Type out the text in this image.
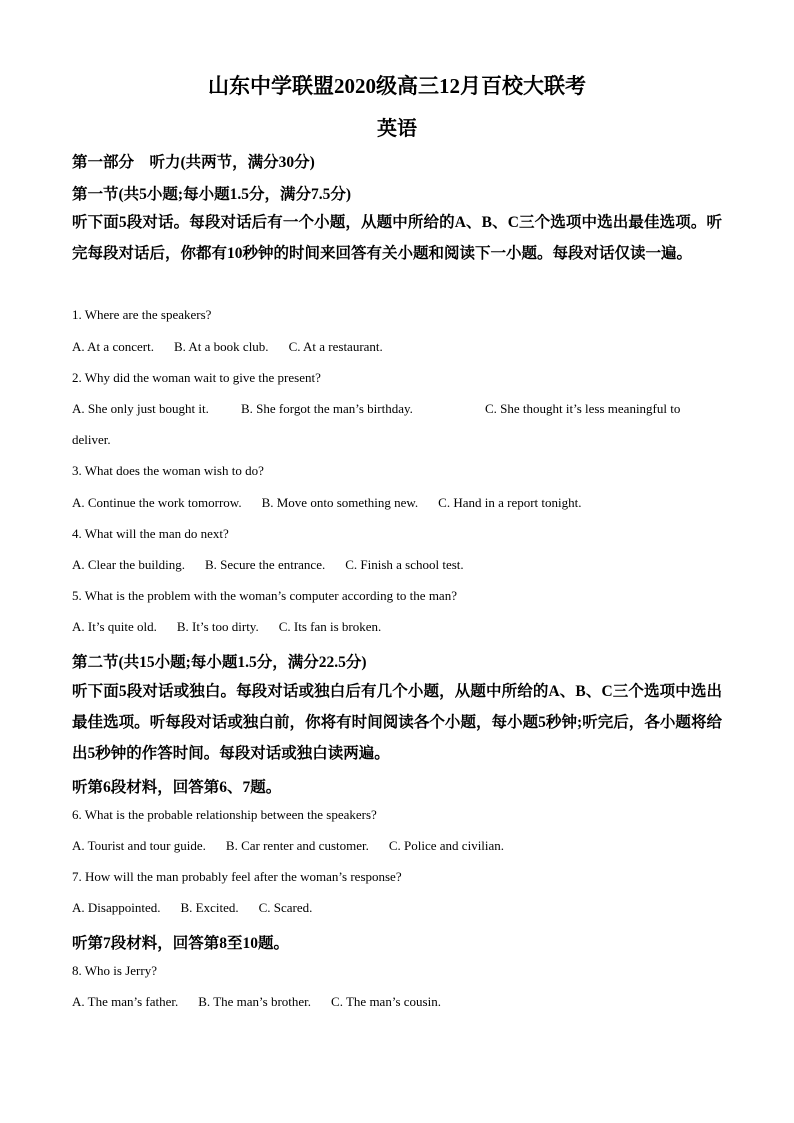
山东中学联盟2020级高三12月百校大联考
英语
第一部分　听力(共两节，满分30分)
第一节(共5小题;每小题1.5分，满分7.5分)
听下面5段对话。每段对话后有一个小题，从题中所给的A、B、C三个选项中选出最佳选项。听完每段对话后，你都有10秒钟的时间来回答有关小题和阅读下一小题。每段对话仅读一遍。
1. Where are the speakers?
A. At a concert. B. At a book club. C. At a restaurant.
2. Why did the woman wait to give the present?
A. She only just bought it. B. She forgot the man’s birthday.	C. She thought it’s less meaningful to
deliver.
3. What does the woman wish to do?
A. Continue the work tomorrow. B. Move onto something new. C. Hand in a report tonight.
4. What will the man do next?
A. Clear the building. B. Secure the entrance. C. Finish a school test.
5. What is the problem with the woman’s computer according to the man?
A. It’s quite old. B. It’s too dirty. C. Its fan is broken.
第二节(共15小题;每小题1.5分，满分22.5分)
听下面5段对话或独白。每段对话或独白后有几个小题，从题中所给的A、B、C三个选项中选出最佳选项。听每段对话或独白前，你将有时间阅读各个小题，每小题5秒钟;听完后，各小题将给出5秒钟的作答时间。每段对话或独白读两遍。
听第6段材料，回答第6、7题。
6. What is the probable relationship between the speakers?
A. Tourist and tour guide. B. Car renter and customer. C. Police and civilian.
7. How will the man probably feel after the woman’s response?
A. Disappointed. B. Excited. C. Scared.
听第7段材料，回答第8至10题。
8. Who is Jerry?
A. The man’s father. B. The man’s brother. C. The man’s cousin.
